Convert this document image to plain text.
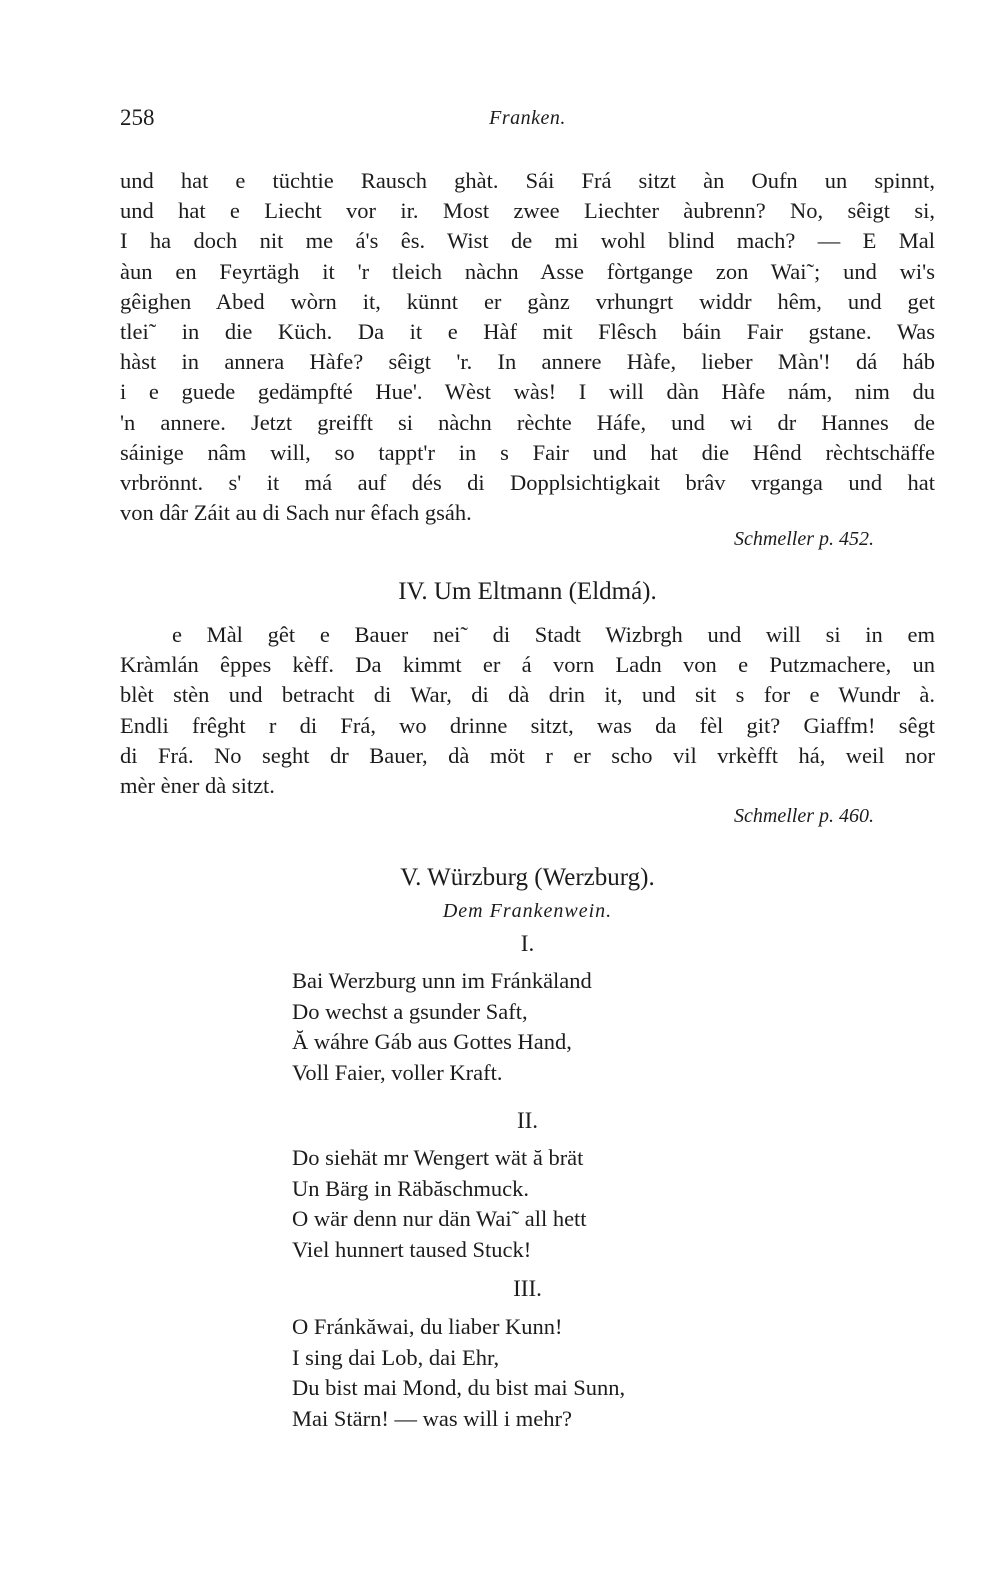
258	Franken.
und hat e tüchtie Rausch ghàt. Sái Frá sitzt àn Oufn un spinnt,
und hat e Liecht vor ir. Most zwee Liechter àubrenn? No, sêigt si,
I ha doch nit me á's ês. Wist de mi wohl blind mach? — E Mal
àun en Feyrtägh it 'r tleich nàchn Asse fòrtgange zon Wai˜; und wi's
gêighen Abed wòrn it, künnt er gànz vrhungrt widdr hêm, und get
tlei˜ in die Küch. Da it e Hàf mit Flêsch báin Fair gstane. Was
hàst in annera Hàfe? sêigt 'r. In annere Hàfe, lieber Màn'! dá háb
i e guede gedämpfté Hue'. Wèst wàs! I will dàn Hàfe nám, nim du
'n annere. Jetzt greifft si nàchn rèchte Háfe, und wi dr Hannes de
sáinige nâm will, so tappt'r in s Fair und hat die Hênd rèchtschäffe
vrbrönnt. s' it má auf dés di Dopplsichtigkait brâv vrganga und hat
von dâr Záit au di Sach nur êfach gsáh.
Schmeller p. 452.
IV. Um Eltmann (Eldmá).
e Màl gêt e Bauer nei˜ di Stadt Wizbrgh und will si in em
Kràmlán êppes kèff. Da kimmt er á vorn Ladn von e Putzmachere, un
blèt stèn und betracht di War, di dà drin it, und sit s for e Wundr à.
Endli frêght r di Frá, wo drinne sitzt, was da fèl git? Giaffm! sêgt
di Frá. No seght dr Bauer, dà möt r er scho vil vrkèfft há, weil nor
mèr èner dà sitzt.
Schmeller p. 460.
V. Würzburg (Werzburg).
Dem Frankenwein.
I.
Bai Werzburg unn im Fránkäland
Do wechst a gsunder Saft,
Ă wáhre Gáb aus Gottes Hand,
Voll Faier, voller Kraft.
II.
Do siehät mr Wengert wät ă brät
Un Bärg in Räbăschmuck.
O wär denn nur dän Wai˜ all hett
Viel hunnert taused Stuck!
III.
O Fránkăwai, du liaber Kunn!
I sing dai Lob, dai Ehr,
Du bist mai Mond, du bist mai Sunn,
Mai Stärn! — was will i mehr?
